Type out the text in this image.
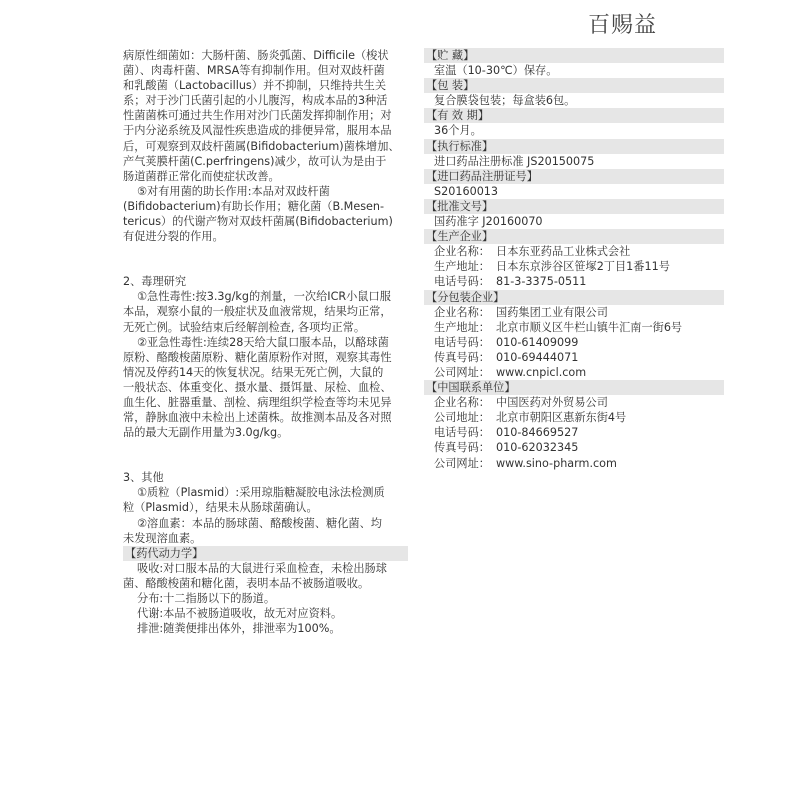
百赐益

病原性细菌如：大肠杆菌、肠炎弧菌、Difficile（梭状

菌）、肉毒杆菌、MRSA等有抑制作用。但对双歧杆菌

和乳酸菌（Lactobacillus）并不抑制，只维持共生关

系；对于沙门氏菌引起的小儿腹泻，构成本品的3种活

性菌菌株可通过共生作用对沙门氏菌发挥抑制作用；对

于内分泌系统及风湿性疾患造成的排便异常，服用本品

后，可观察到双歧杆菌属(Bifidobacterium)菌株增加、

产气荚膜杆菌(C.perfringens)减少，故可认为是由于

肠道菌群正常化而使症状改善。

⑤对有用菌的助长作用:本品对双歧杆菌

(Bifidobacterium)有助长作用；糖化菌（B.Mesen-

tericus）的代谢产物对双歧杆菌属(Bifidobacterium)

有促进分裂的作用。

2、毒理研究

①急性毒性:按3.3g/kg的剂量，一次给ICR小鼠口服

本品，观察小鼠的一般症状及血液常规，结果均正常，

无死亡例。试验结束后经解剖检查, 各项均正常。

②亚急性毒性:连续28天给大鼠口服本品，以酪球菌

原粉、酪酸梭菌原粉、糖化菌原粉作对照，观察其毒性

情况及停药14天的恢复状况。结果无死亡例，大鼠的

一般状态、体重变化、摄水量、摄饵量、尿检、血检、

血生化、脏器重量、剖检、病理组织学检查等均未见异

常，静脉血液中未检出上述菌株。故推测本品及各对照

品的最大无副作用量为3.0g/kg。

3、其他

①质粒（Plasmid）:采用琼脂糖凝胶电泳法检测质

粒（Plasmid），结果未从肠球菌确认。

②溶血素：本品的肠球菌、酪酸梭菌、糖化菌、均

未发现溶血素。

【药代动力学】

吸收:对口服本品的大鼠进行采血检查，未检出肠球

菌、酪酸梭菌和糖化菌，表明本品不被肠道吸收。

分布:十二指肠以下的肠道。

代谢:本品不被肠道吸收，故无对应资料。

排泄:随粪便排出体外，排泄率为100%。

【贮 藏】

室温（10-30℃）保存。

【包 装】

复合膜袋包装；每盒装6包。

【有 效 期】

36个月。

【执行标准】

进口药品注册标准 JS20150075

【进口药品注册证号】

S20160013

【批准文号】

国药准字 J20160070

【生产企业】

企业名称： 日本东亚药品工业株式会社
生产地址： 日本东京涉谷区笹塚2丁目1番11号
电话号码： 81-3-3375-0511

【分包装企业】

企业名称： 国药集团工业有限公司
生产地址： 北京市顺义区牛栏山镇牛汇南一街6号
电话号码： 010-61409099
传真号码： 010-69444071
公司网址： www.cnpicl.com

【中国联系单位】

企业名称： 中国医药对外贸易公司
公司地址： 北京市朝阳区惠新东街4号
电话号码： 010-84669527
传真号码： 010-62032345
公司网址： www.sino-pharm.com
